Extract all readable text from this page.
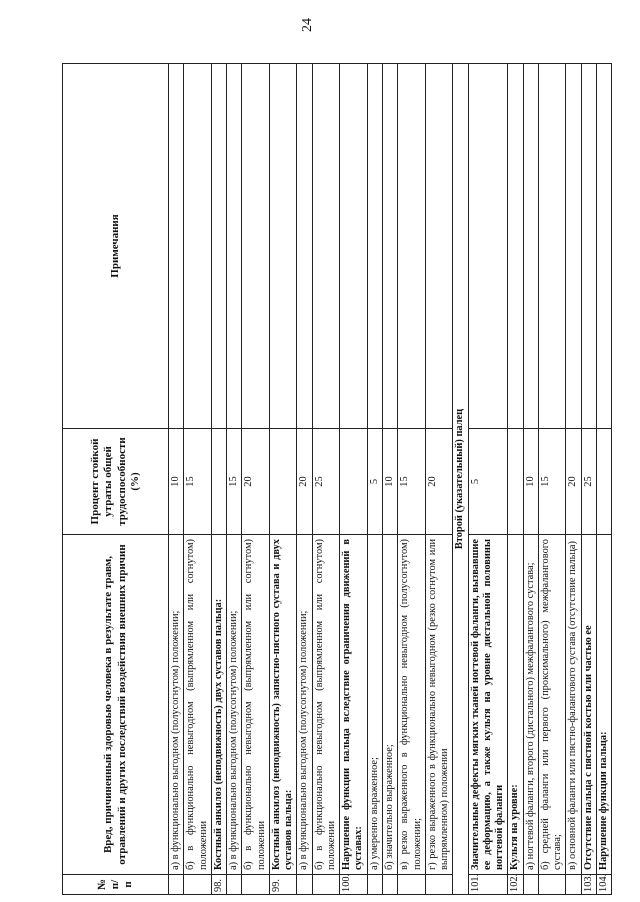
24
№ п/п	Вред, причиненный здоровью человека в результате травм, отравлений и других последствий воздействия внешних причин	Процент стойкой утраты общей трудоспособности (%)	Примечания
	а) в функционально выгодном (полусогнутом) положении;	10	
	б) в функционально невыгодном (выпрямленном или согнутом) положении	15	
98.	Костный анкилоз (неподвижность) двух суставов пальца:		
	а) в функционально выгодном (полусогнутом) положении;	15	
	б) в функционально невыгодном (выпрямленном или согнутом) положении	20	
99.	Костный анкилоз (неподвижность) запястно-пястного сустава и двух суставов пальца:		
	а) в функционально выгодном (полусогнутом) положении;	20	
	б) в функционально невыгодном (выпрямленном или согнутом) положении	25	
100.	Нарушение функции пальца вследствие ограничения движений в суставах:		
	а) умеренно выраженное;	5	
	б) значительно выраженное;	10	
	в) резко выраженного в функционально невыгодном (полусогнутом) положении;	15	
	г) резко выраженного в функционально невыгодном (резко согнутом или выпрямленном) положении	20	
Второй (указательный) палец			
101.	Значительные дефекты мягких тканей ногтевой фаланги, вызвавшие ее деформацию, а также культя на уровне дистальной половины ногтевой фаланги	5	
102.	Культя на уровне:		
	а) ногтевой фаланги, второго (дистального) межфалангового сустава;	10	
	б) средней фаланги или первого (проксимального) межфалангового сустава;	15	
	в) основной фаланги или пястно-фалангового сустава (отсутствие пальца)	20	
103.	Отсутствие пальца с пястной костью или частью ее	25	
104.	Нарушение функции пальца:		
